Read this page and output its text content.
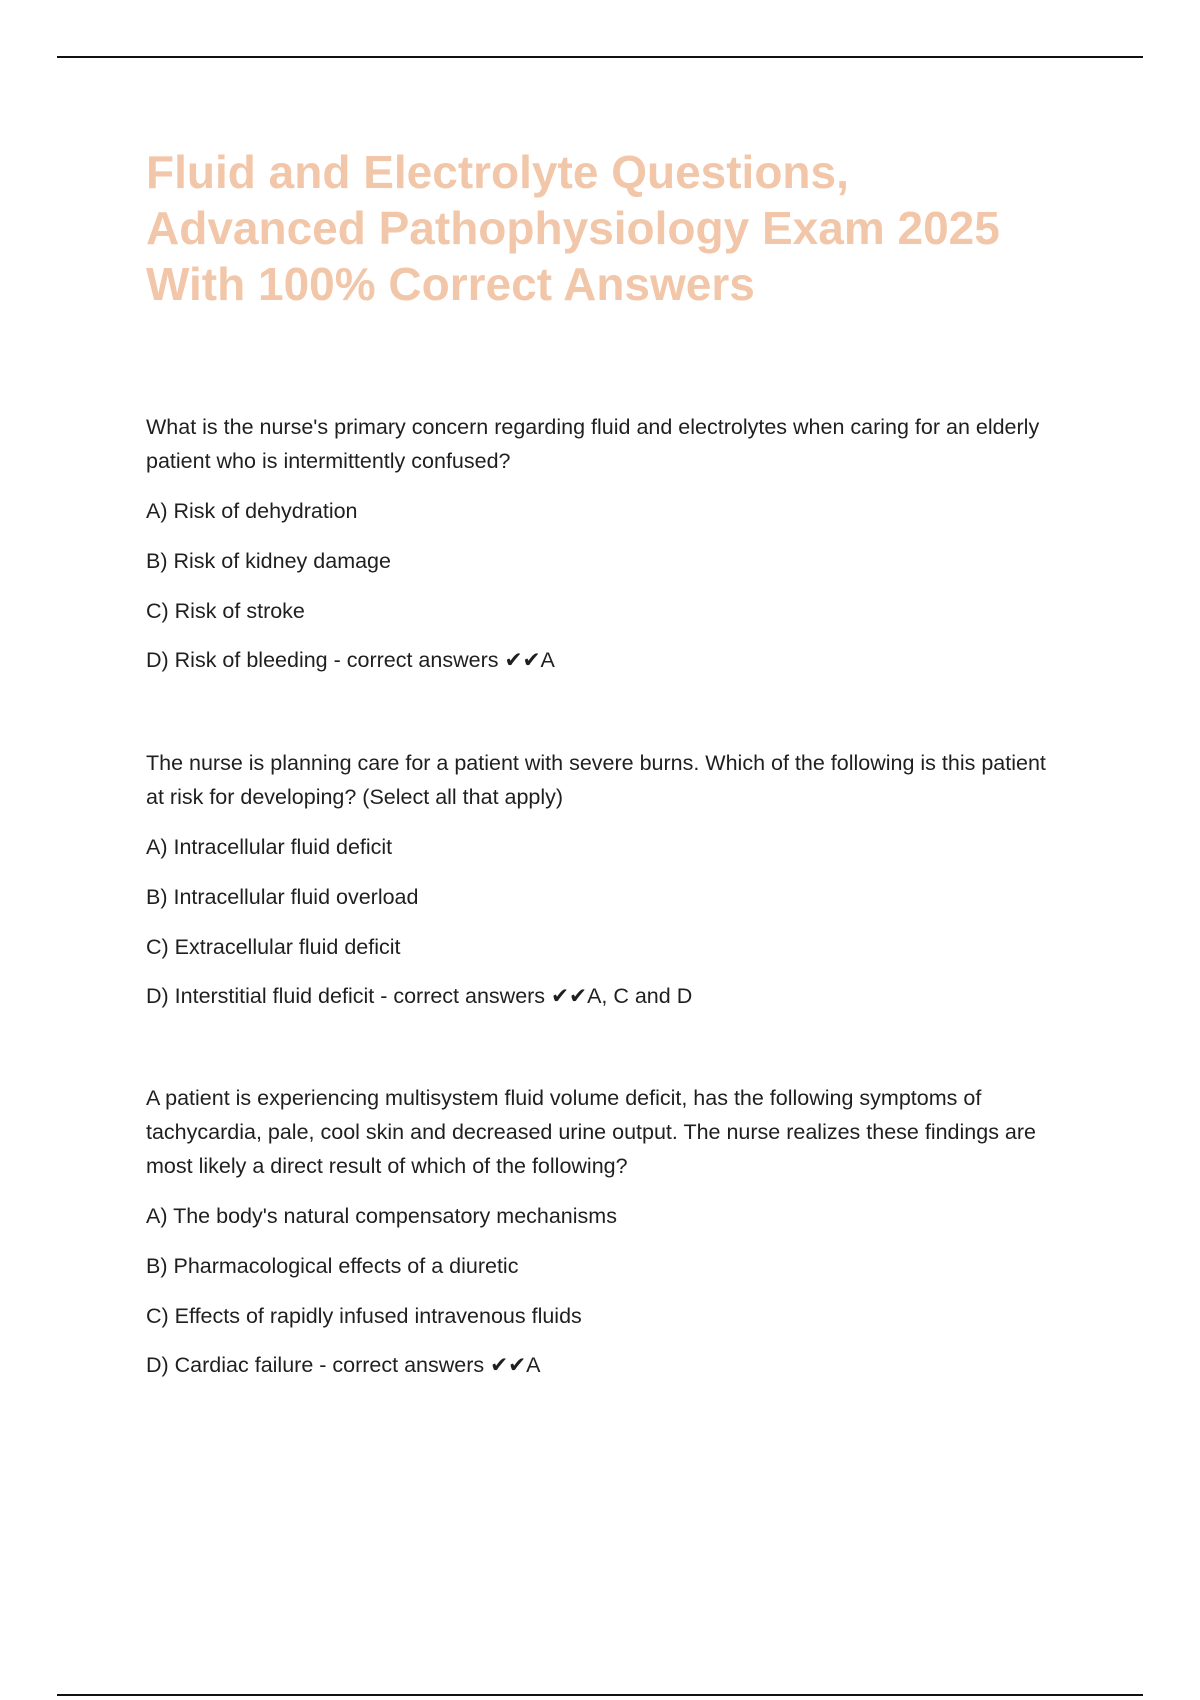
Fluid and Electrolyte Questions,
Advanced Pathophysiology Exam 2025
With 100% Correct Answers

What is the nurse's primary concern regarding fluid and electrolytes when caring for an elderly
patient who is intermittently confused?

A) Risk of dehydration

B) Risk of kidney damage

C) Risk of stroke

D) Risk of bleeding - correct answers ✔✔A

The nurse is planning care for a patient with severe burns. Which of the following is this patient
at risk for developing? (Select all that apply)

A) Intracellular fluid deficit

B) Intracellular fluid overload

C) Extracellular fluid deficit

D) Interstitial fluid deficit - correct answers ✔✔A, C and D

A patient is experiencing multisystem fluid volume deficit, has the following symptoms of
tachycardia, pale, cool skin and decreased urine output. The nurse realizes these findings are
most likely a direct result of which of the following?

A) The body's natural compensatory mechanisms

B) Pharmacological effects of a diuretic

C) Effects of rapidly infused intravenous fluids

D) Cardiac failure - correct answers ✔✔A
